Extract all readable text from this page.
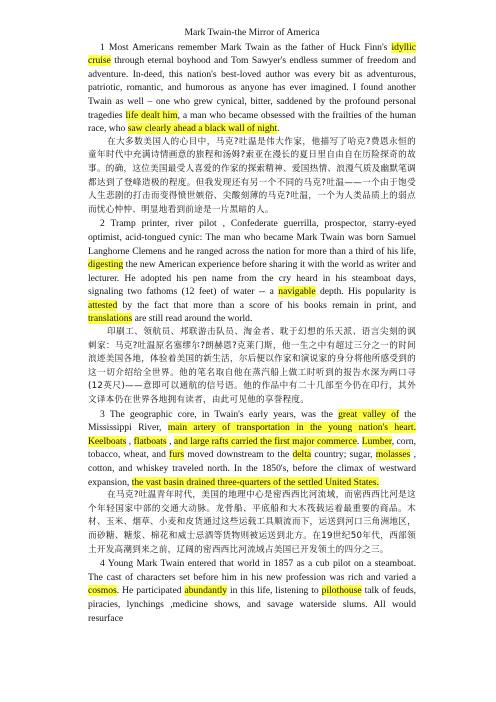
Mark Twain-the Mirror of America

1 Most Americans remember Mark Twain as the father of Huck Finn's idyllic cruise through eternal boyhood and Tom Sawyer's endless summer of freedom and adventure. In-deed, this nation's best-loved author was every bit as adventurous, patriotic, romantic, and humorous as anyone has ever imagined. I found another Twain as well – one who grew cynical, bitter, saddened by the profound personal tragedies life dealt him, a man who became obsessed with the frailties of the human race, who saw clearly ahead a black wall of night.

在大多数美国人的心目中，马克?吐温是伟大作家，他描写了哈克?费恩永恒的童年时代中充满诗情画意的旅程和汤姆?索亚在漫长的夏日里自由自在历险探奇的故事。的确，这位美国最受人喜爱的作家的探索精神、爱国热情、浪漫气质及幽默笔调都达到了登峰造极的程度。但我发现还有另一个不同的马克?吐温——一个由于饱受人生悲剧的打击而变得愤世嫉俗、尖酸刻薄的马克?吐温，一个为人类品质上的弱点而忧心忡忡、明显地看到前途是一片黑暗的人。

2 Tramp printer, river pilot , Confederate guerrilla, prospector, starry-eyed optimist, acid-tongued cynic: The man who became Mark Twain was born Samuel Langhorne Clemens and he ranged across the nation for more than a third of his life, digesting the new American experience before sharing it with the world as writer and lecturer. He adopted his pen name from the cry heard in his steamboat days, signaling two fathoms (12 feet) of water -- a navigable depth. His popularity is attested by the fact that more than a score of his books remain in print, and translations are still read around the world.

印刷工、领航员、邦联游击队员、淘金者、耽于幻想的乐天派、语言尖刻的讽刺家：马克?吐温原名塞缪尔?朗赫恩?克莱门斯，他一生之中有超过三分之一的时间浪迹美国各地，体验着美国的新生活，尔后便以作家和演说家的身分将他所感受到的这一切介绍给全世界。他的笔名取自他在蒸汽船上做工时听到的报告水深为两口寻(12英尺)——意即可以通航的信号语。他的作品中有二十几部至今仍在印行，其外文译本仍在世界各地拥有读者，由此可见他的享誉程度。

3 The geographic core, in Twain's early years, was the great valley of the Mississippi River, main artery of transportation in the young nation's heart. Keelboats , flatboats , and large rafts carried the first major commerce. Lumber, corn, tobacco, wheat, and furs moved downstream to the delta country; sugar, molasses , cotton, and whiskey traveled north. In the 1850's, before the climax of westward expansion, the vast basin drained three-quarters of the settled United States.

在马克?吐温青年时代，美国的地理中心是密西西比河流域，而密西西比河是这个年轻国家中部的交通大动脉。龙骨船、平底船和大木筏载运着最重要的商品。木材、玉米、烟草、小麦和皮货通过这些运载工具顺流而下，运送到河口三角洲地区，而砂糖、糖浆、棉花和威士忌酒等货物则被运送到北方。在19世纪50年代，西部领土开发高潮到来之前，辽阔的密西西比河流域占美国已开发领土的四分之三。

4 Young Mark Twain entered that world in 1857 as a cub pilot on a steamboat. The cast of characters set before him in his new profession was rich and varied a cosmos. He participated abundantly in this life, listening to pilothouse talk of feuds, piracies, lynchings ,medicine shows, and savage waterside slums. All would resurface
